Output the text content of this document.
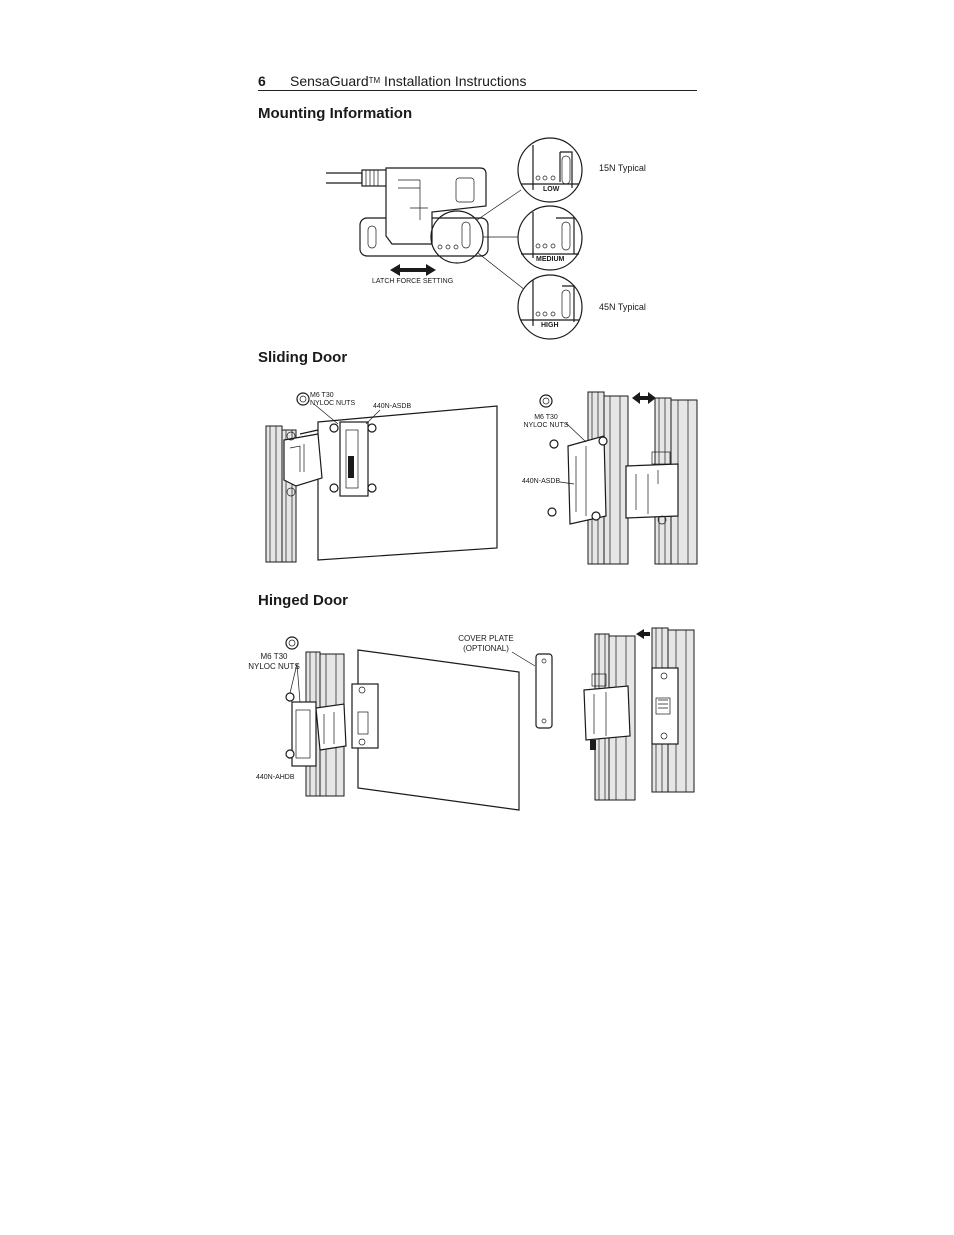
6 SensaGuard™ Installation Instructions
Mounting Information
LATCH FORCE SETTING
LOW
MEDIUM
HIGH
15N Typical
45N Typical
Sliding Door
M6 T30
NYLOC NUTS	440N-ASDB
M6 T30
NYLOC NUTS
440N-ASDB
Hinged Door
M6 T30
NYLOC NUTS
440N-AHDB
COVER PLATE
(OPTIONAL)
